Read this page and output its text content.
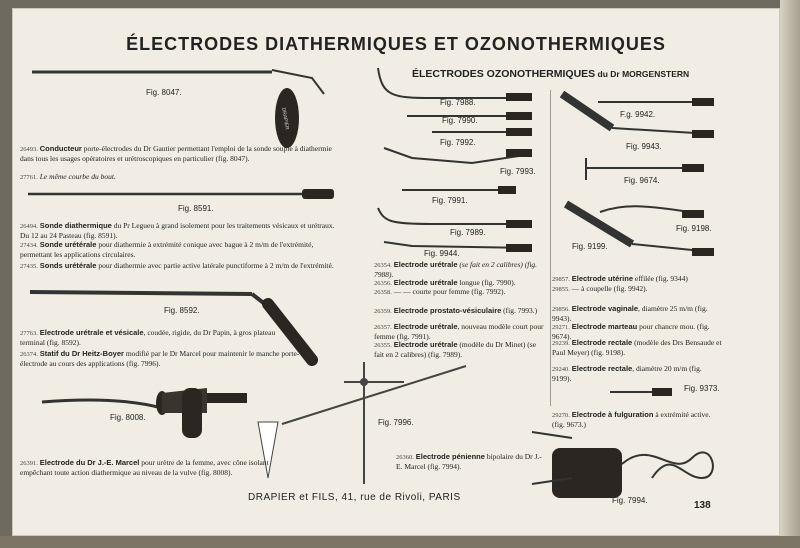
ÉLECTRODES DIATHERMIQUES ET OZONOTHERMIQUES
ÉLECTRODES OZONOTHERMIQUES du Dr MORGENSTERN
DRAPIER
Fig. 8047.
Fig. 8591.
Fig. 8592.
Fig. 8008.
Fig. 7996.
Fig. 7988.
Fig. 7990.
Fig. 7992.
Fig. 7993.
Fig. 7991.
Fig. 7989.
Fig. 9944.
F.g. 9942.
Fig. 9943.
Fig. 9674.
Fig. 9198.
Fig. 9199.
Fig. 9373.
Fig. 7994.
26493. Conducteur porte-électrodes du Dr Gautier permettant l'emploi de la sonde souple à diathermie dans tous les usages opératoires et urétroscopiques en particulier (fig. 8047).
27761. Le même courbe du bout.
26494. Sonde diathermique du Pr Legueu à grand isolement pour les traitements vésicaux et urétraux. Du 12 au 24 Pasteau (fig. 8591).
27434. Sonde urétérale pour diathermie à extrémité conique avec bague à 2 m/m de l'extrémité, permettant les applications circulaires.
27435. Sonds urétérale pour diathermie avec partie active latérale punctiforme à 2 m/m de l'extrémité.
27763. Electrode urétrale et vésicale, coudée, rigide, du Dr Papin, à gros plateau terminal (fig. 8592).
26374. Statif du Dr Heitz-Boyer modifié par le Dr Marcel pour maintenir le manche porte-électrode au cours des applications (fig. 7996).
26391. Electrode du Dr J.-E. Marcel pour urètre de la femme, avec cône isolant empêchant toute action diathermique au niveau de la vulve (fig. 8008).
26354. Electrode urétrale (se fait en 2 calibres) (fig. 7988).
26356. Electrode urétrale longue (fig. 7990).
26358. — — courte pour femme (fig. 7992).
26359. Electrode prostato-vésiculaire (fig. 7993.)
26357. Electrode urétrale, nouveau modèle court pour femme (fig. 7991).
26355. Electrode urétrale (modèle du Dr Minet) (se fait en 2 calibres) (fig. 7989).
26360. Electrode pénienne bipolaire du Dr J.-E. Marcel (fig. 7994).
29857. Electrode utérine effilée (fig. 9344)
29855. — à coupelle (fig. 9942).
29856. Electrode vaginale, diamètre 25 m/m (fig. 9943).
29271. Electrode marteau pour chancre mou. (fig. 9674).
29239. Electrode rectale (modèle des Drs Bensaude et Paul Meyer) (fig. 9198).
29240. Electrode rectale, diamètre 20 m/m (fig. 9199).
29270. Electrode à fulguration à extrémité active. (fig. 9673.)
DRAPIER et FILS, 41, rue de Rivoli, PARIS
138
